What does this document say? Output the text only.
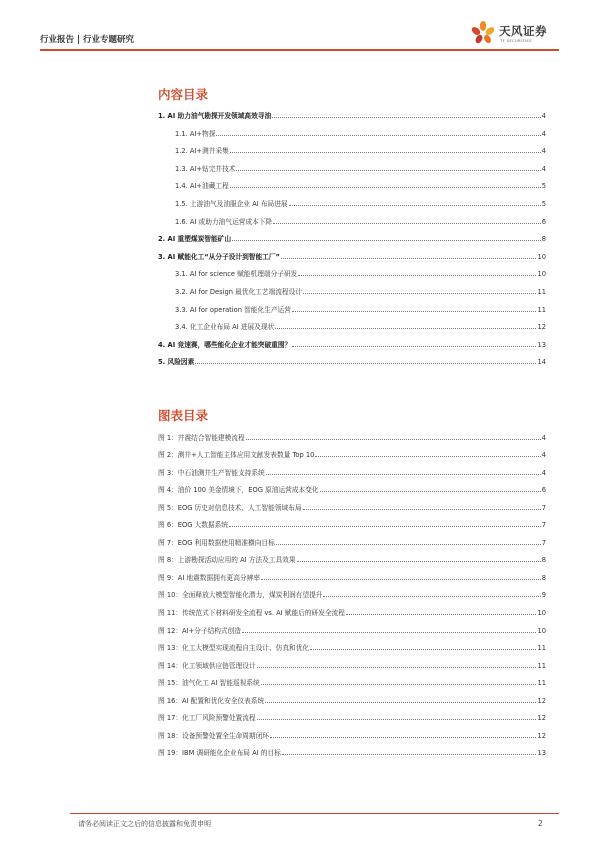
行业报告 | 行业专题研究
天风证券
TF SECURITIES
内容目录
1. AI 助力油气勘探开发领域高效寻油	4
1.1. AI+物探	4
1.2. AI+测井采集	4
1.3. AI+钻完井技术	4
1.4. AI+油藏工程	5
1.5. 上游油气及油服企业 AI 布局进展	5
1.6. AI 或助力油气运营成本下降	6
2. AI 重塑煤炭智能矿山	8
3. AI 赋能化工“从分子设计到智能工厂”	10
3.1. AI for science 赋能机理端分子研发	10
3.2. AI for Design 最优化工艺端流程设计	11
3.3. AI for operation 智能化生产运营	11
3.4. 化工企业布局 AI 进展及现状	12
4. AI 竞速赛，哪些能化企业才能突破重围？	13
5. 风险因素	14
图表目录
图 1：井震结合智能建模流程	4
图 2：测井+人工智能主体应用文献发表数量 Top 10	4
图 3：中石油测井生产智能支持系统	4
图 4：油价 100 美金情境下，EOG 原油运营成本变化	6
图 5：EOG 历史对信息技术、人工智能领域布局	7
图 6：EOG 大数据系统	7
图 7：EOG 利用数据使用精准横向目标	7
图 8：上游勘探活动应用的 AI 方法及工具效果	8
图 9：AI 地震数据拥有更高分辨率	8
图 10：全面释放大模型智能化潜力，煤炭利润有望提升	9
图 11：传统范式下材料研发全流程 vs. AI 赋能后的研发全流程	10
图 12：AI+分子结构式创造	10
图 13：化工大模型实现流程自主设计、仿真和优化	11
图 14：化工领域供应链管理设计	11
图 15：油气化工 AI 智能巡视系统	11
图 16：AI 配置和优化安全仪表系统	12
图 17：化工厂风险预警处置流程	12
图 18：设备预警处置全生命周期闭环	12
图 19：IBM 调研能化企业布局 AI 的目标	13
请务必阅读正文之后的信息披露和免责申明	2
